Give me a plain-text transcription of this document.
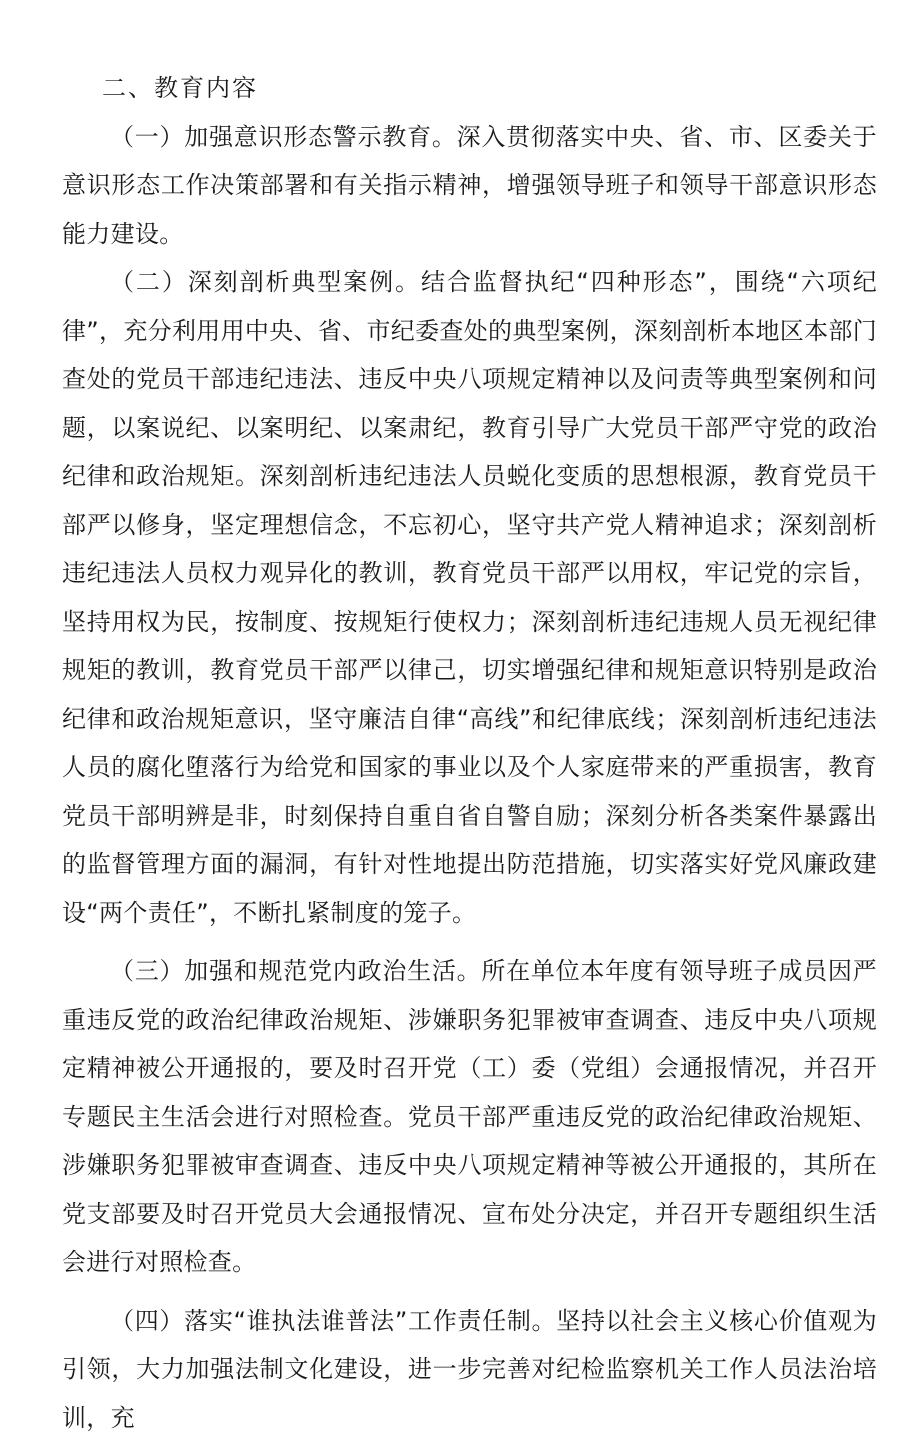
二、教育内容

（一）加强意识形态警示教育。深入贯彻落实中央、省、市、区委关于意识形态工作决策部署和有关指示精神，增强领导班子和领导干部意识形态能力建设。

（二）深刻剖析典型案例。结合监督执纪“四种形态”，围绕“六项纪律”，充分利用用中央、省、市纪委查处的典型案例，深刻剖析本地区本部门查处的党员干部违纪违法、违反中央八项规定精神以及问责等典型案例和问题，以案说纪、以案明纪、以案肃纪，教育引导广大党员干部严守党的政治纪律和政治规矩。深刻剖析违纪违法人员蜕化变质的思想根源，教育党员干部严以修身，坚定理想信念，不忘初心，坚守共产党人精神追求；深刻剖析违纪违法人员权力观异化的教训，教育党员干部严以用权，牢记党的宗旨，坚持用权为民，按制度、按规矩行使权力；深刻剖析违纪违规人员无视纪律规矩的教训，教育党员干部严以律己，切实增强纪律和规矩意识特别是政治纪律和政治规矩意识，坚守廉洁自律“高线”和纪律底线；深刻剖析违纪违法人员的腐化堕落行为给党和国家的事业以及个人家庭带来的严重损害，教育党员干部明辨是非，时刻保持自重自省自警自励；深刻分析各类案件暴露出的监督管理方面的漏洞，有针对性地提出防范措施，切实落实好党风廉政建设“两个责任”，不断扎紧制度的笼子。

（三）加强和规范党内政治生活。所在单位本年度有领导班子成员因严重违反党的政治纪律政治规矩、涉嫌职务犯罪被审查调查、违反中央八项规定精神被公开通报的，要及时召开党（工）委（党组）会通报情况，并召开专题民主生活会进行对照检查。党员干部严重违反党的政治纪律政治规矩、涉嫌职务犯罪被审查调查、违反中央八项规定精神等被公开通报的，其所在党支部要及时召开党员大会通报情况、宣布处分决定，并召开专题组织生活会进行对照检查。

（四）落实“谁执法谁普法”工作责任制。坚持以社会主义核心价值观为引领，大力加强法制文化建设，进一步完善对纪检监察机关工作人员法治培训，充
